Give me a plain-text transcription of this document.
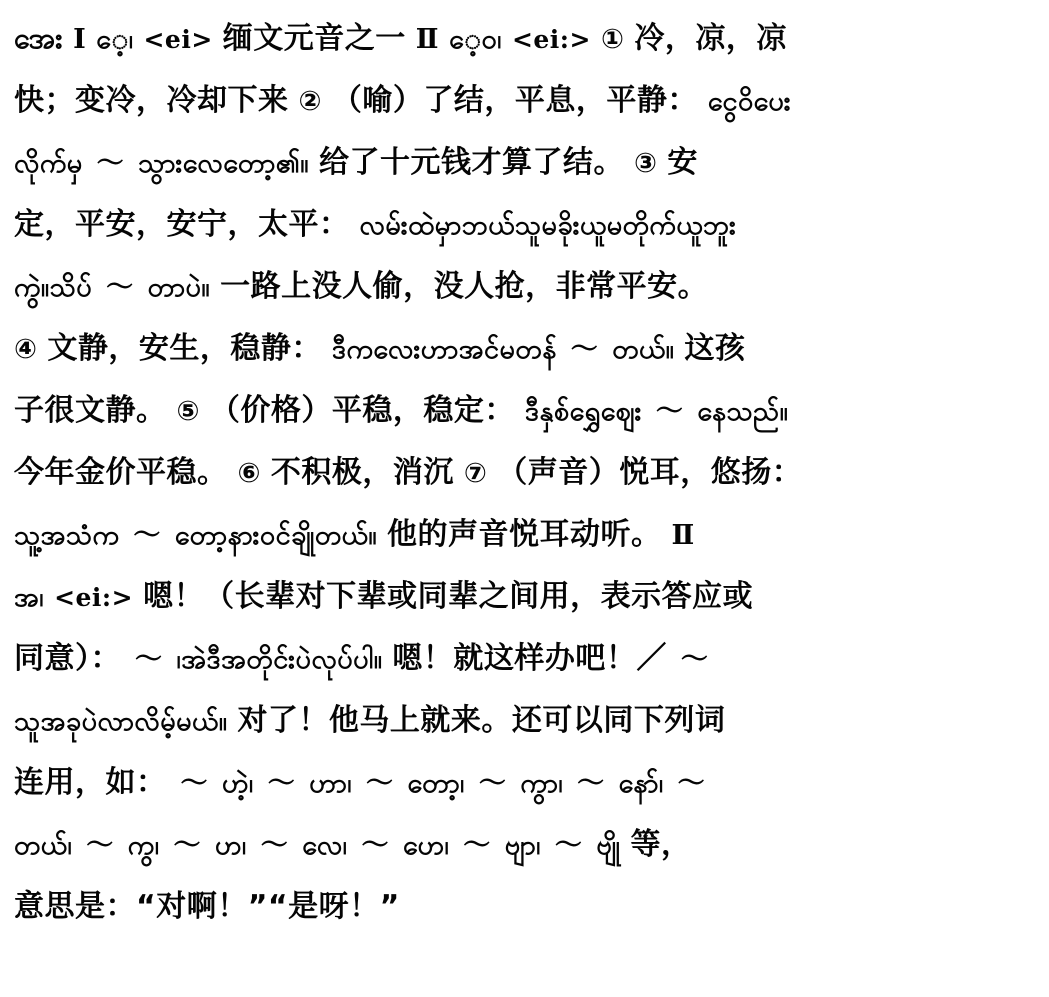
အေး Ⅰ ေ့၊ <ei> 缅文元音之一 Ⅱ ေ့ဝ၊ <ei:> ① 冷，凉，凉
快；变冷，冷却下来 ② （喻）了结，平息，平静： ငွေဝိပေး
လိုက်မှ ～ သွားလေတော့၏။ 给了十元钱才算了结。 ③ 安
定，平安，安宁，太平： လမ်းထဲမှာဘယ်သူမခိုးယူမတိုက်ယူဘူး
ကွဲ။သိပ် ～ တာပဲ။ 一路上没人偷，没人抢，非常平安。
④ 文静，安生，稳静： ဒီကလေးဟာအင်မတန် ～ တယ်။ 这孩
子很文静。 ⑤ （价格）平稳，稳定： ဒီနှစ်ရွှေဈေး ～ နေသည်။
今年金价平稳。 ⑥ 不积极，消沉 ⑦ （声音）悦耳，悠扬：
သူ့အသံက ～ တော့နားဝင်ချိုတယ်။ 他的声音悦耳动听。 Ⅱ
အ၊ <ei:> 嗯！（长辈对下辈或同辈之间用，表示答应或
同意）： ～ ၊အဲဒီအတိုင်းပဲလုပ်ပါ။ 嗯！就这样办吧！／ ～
သူအခုပဲလာလိမ့်မယ်။ 对了！他马上就来。还可以同下列词
连用，如： ～ ဟဲ့၊ ～ ဟာ၊ ～ တော့၊ ～ ကွာ၊ ～ နော်၊ ～
တယ်၊ ～ ကွ၊ ～ ဟ၊ ～ လေ၊ ～ ဟေ၊ ～ ဗျာ၊ ～ ဗျို 等，
意思是：“对啊！”“是呀！”
